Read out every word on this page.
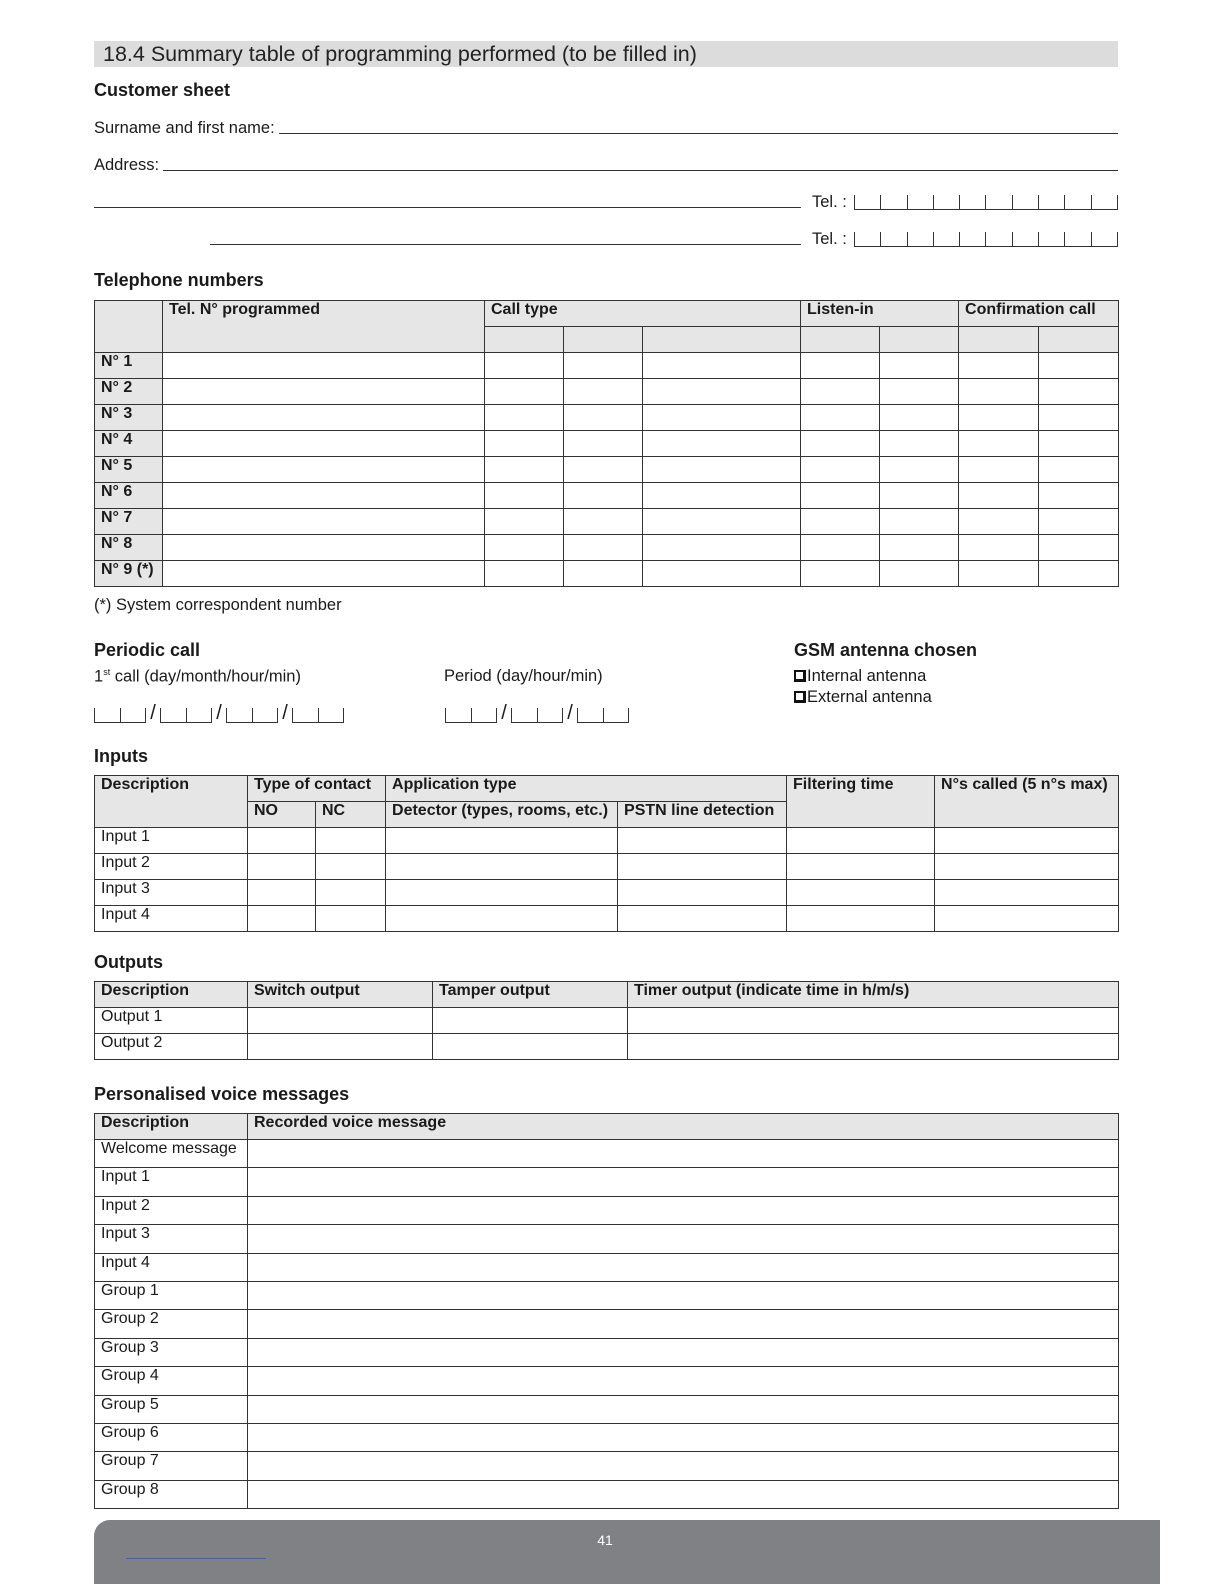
18.4 Summary table of programming performed (to be filled in)
Customer sheet
Surname and first name:
Address:
Tel. :
Tel. :
Telephone numbers
	Tel. N° programmed	Call type			Listen-in		Confirmation call	

N° 1								
N° 2								
N° 3								
N° 4								
N° 5								
N° 6								
N° 7								
N° 8								
N° 9 (*)								
(*) System correspondent number
Periodic call
1st call (day/month/hour/min)
/	/	/
Period (day/hour/min)
/	/
GSM antenna chosen
Internal antenna
External antenna
Inputs
Description	Type of contact		Application type		Filtering time	N°s called (5 n°s max)
	NO	NC	Detector (types, rooms, etc.)	PSTN line detection		
Input 1						
Input 2						
Input 3						
Input 4						
Outputs
Description	Switch output	Tamper output	Timer output (indicate time in h/m/s)
Output 1			
Output 2			
Personalised voice messages
Description	Recorded voice message
Welcome message	
Input 1	
Input 2	
Input 3	
Input 4	
Group 1	
Group 2	
Group 3	
Group 4	
Group 5	
Group 6	
Group 7	
Group 8	
41
